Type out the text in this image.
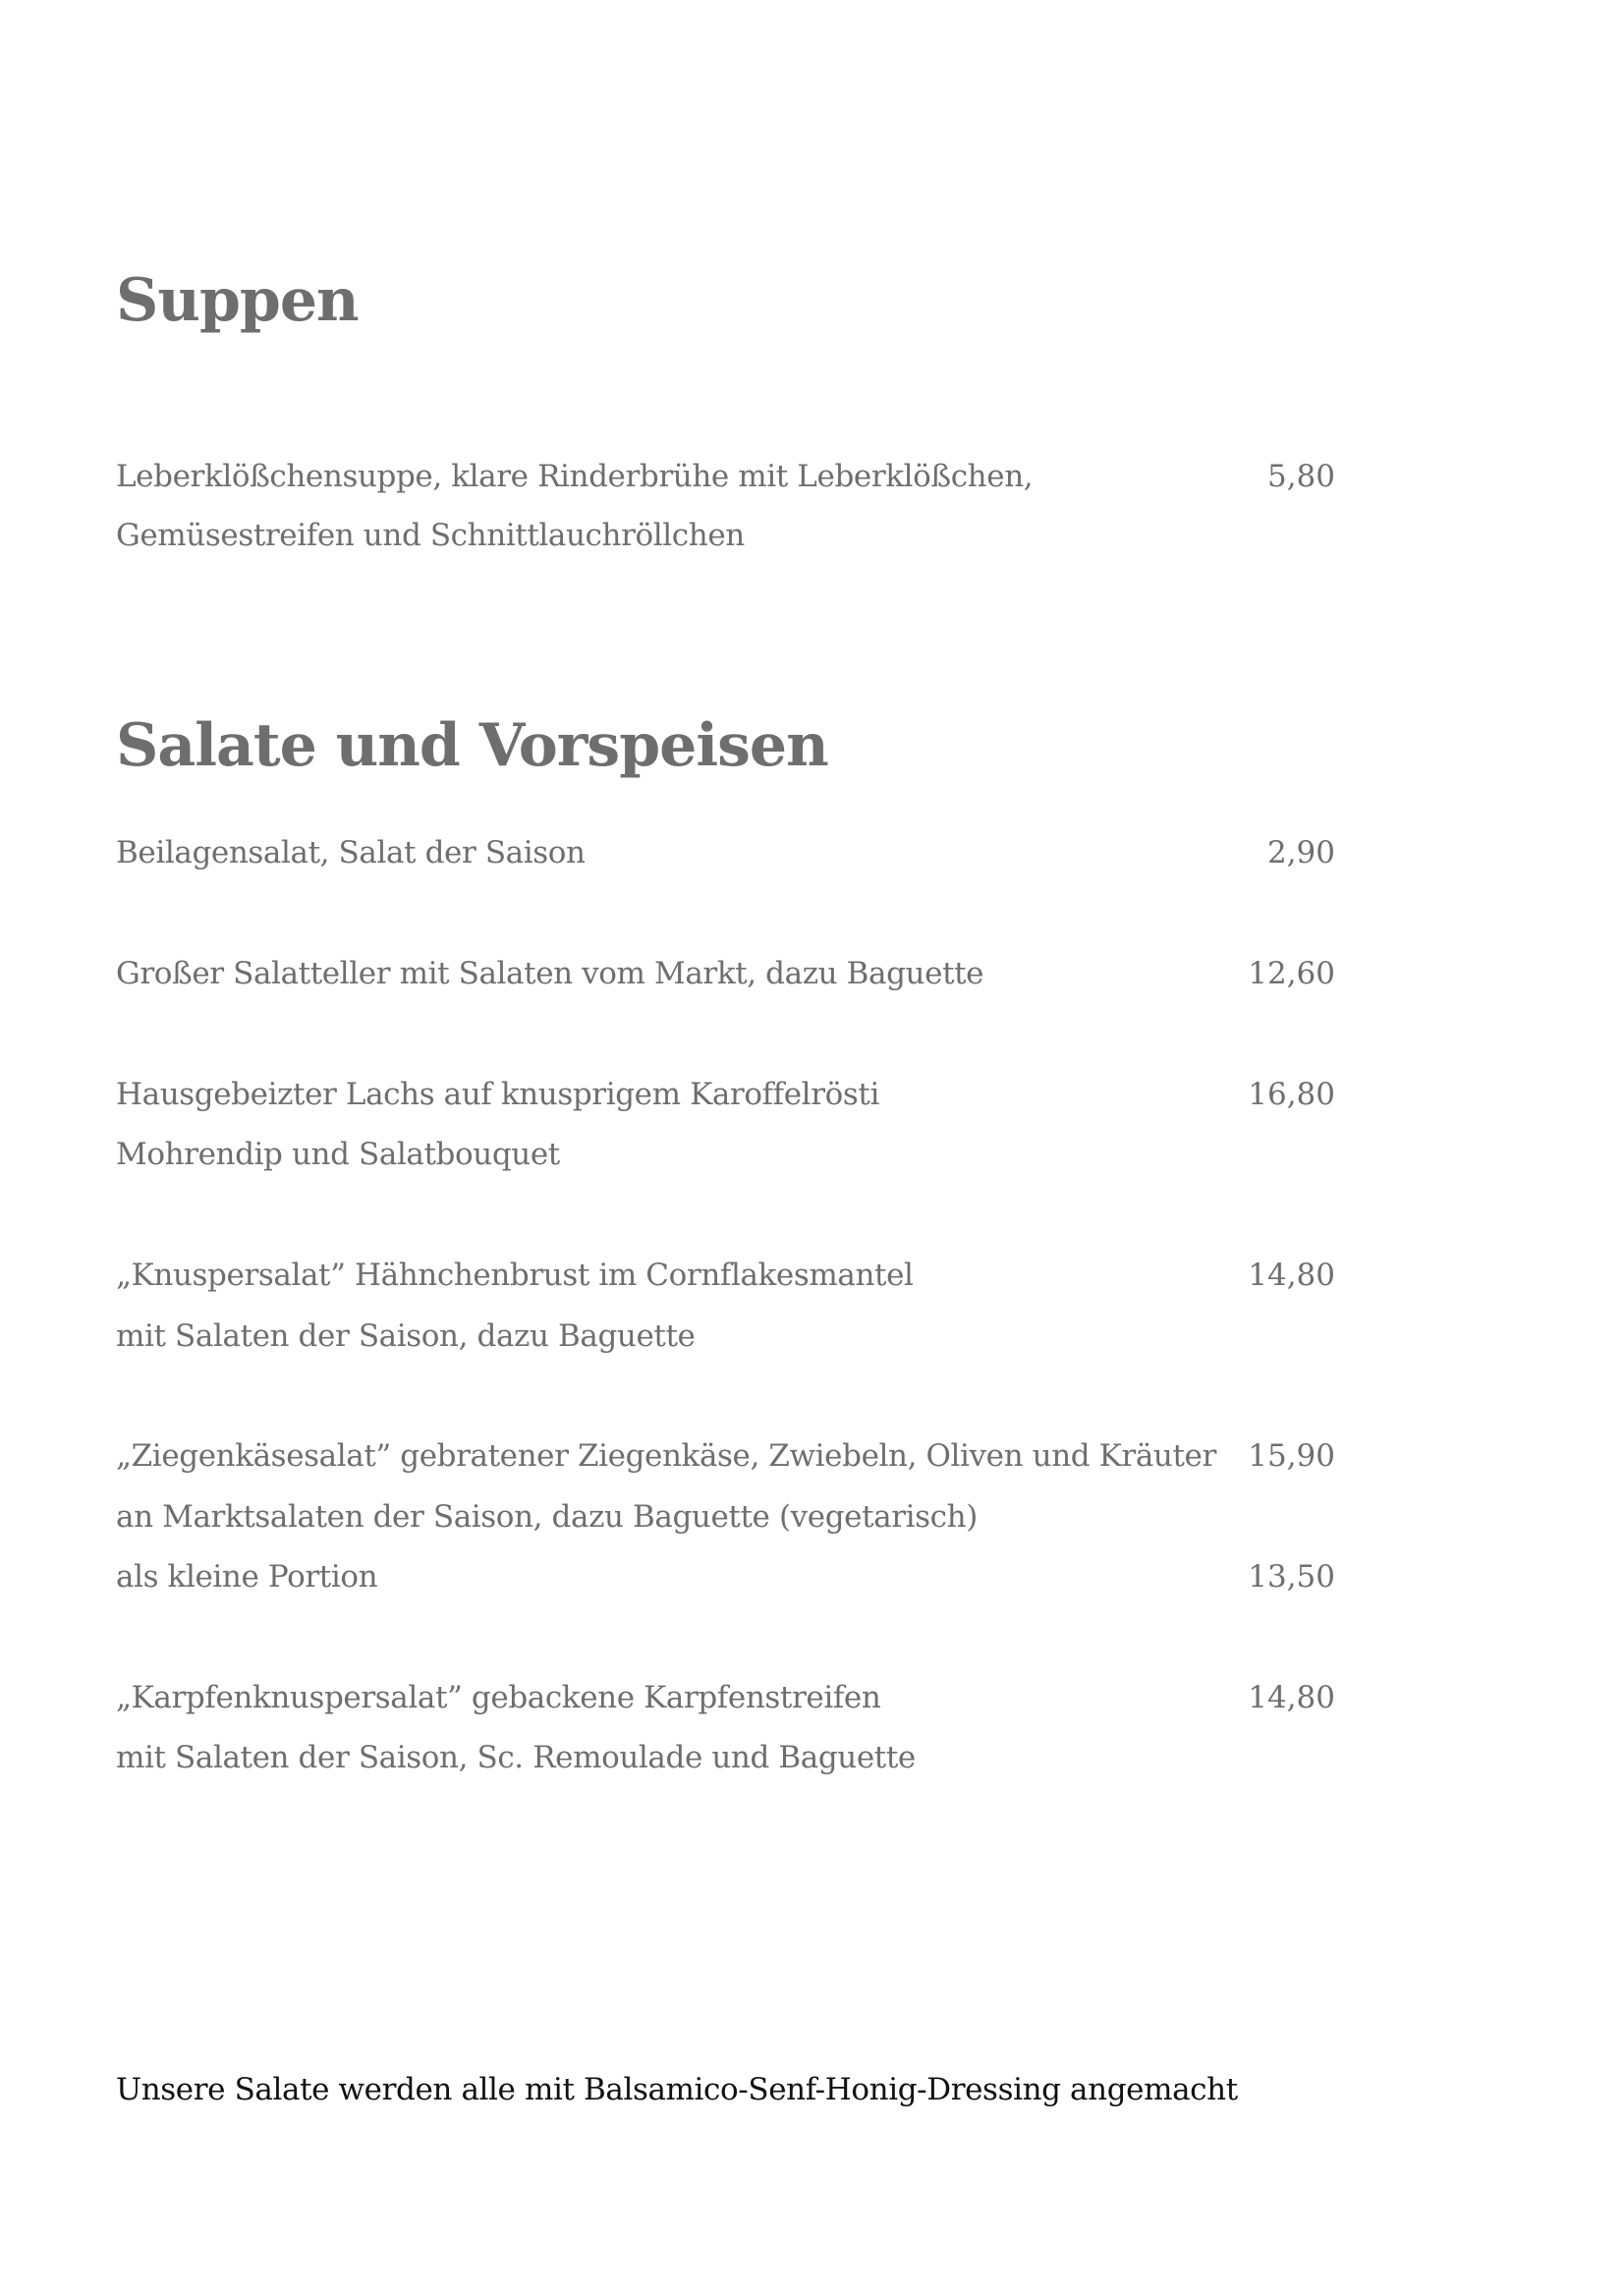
Suppen
Leberklößchensuppe, klare Rinderbrühe mit Leberklößchen,	5,80
Gemüsestreifen und Schnittlauchröllchen
Salate und Vorspeisen
Beilagensalat, Salat der Saison	2,90
Großer Salatteller mit Salaten vom Markt, dazu Baguette	12,60
Hausgebeizter Lachs auf knusprigem Karoffelrösti	16,80
Mohrendip und Salatbouquet
„Knuspersalat” Hähnchenbrust im Cornflakesmantel	14,80
mit Salaten der Saison, dazu Baguette
„Ziegenkäsesalat” gebratener Ziegenkäse, Zwiebeln, Oliven und Kräuter 15,90
an Marktsalaten der Saison, dazu Baguette (vegetarisch)
als kleine Portion	13,50
„Karpfenknuspersalat” gebackene Karpfenstreifen	14,80
mit Salaten der Saison, Sc. Remoulade und Baguette
Unsere Salate werden alle mit Balsamico-Senf-Honig-Dressing angemacht
